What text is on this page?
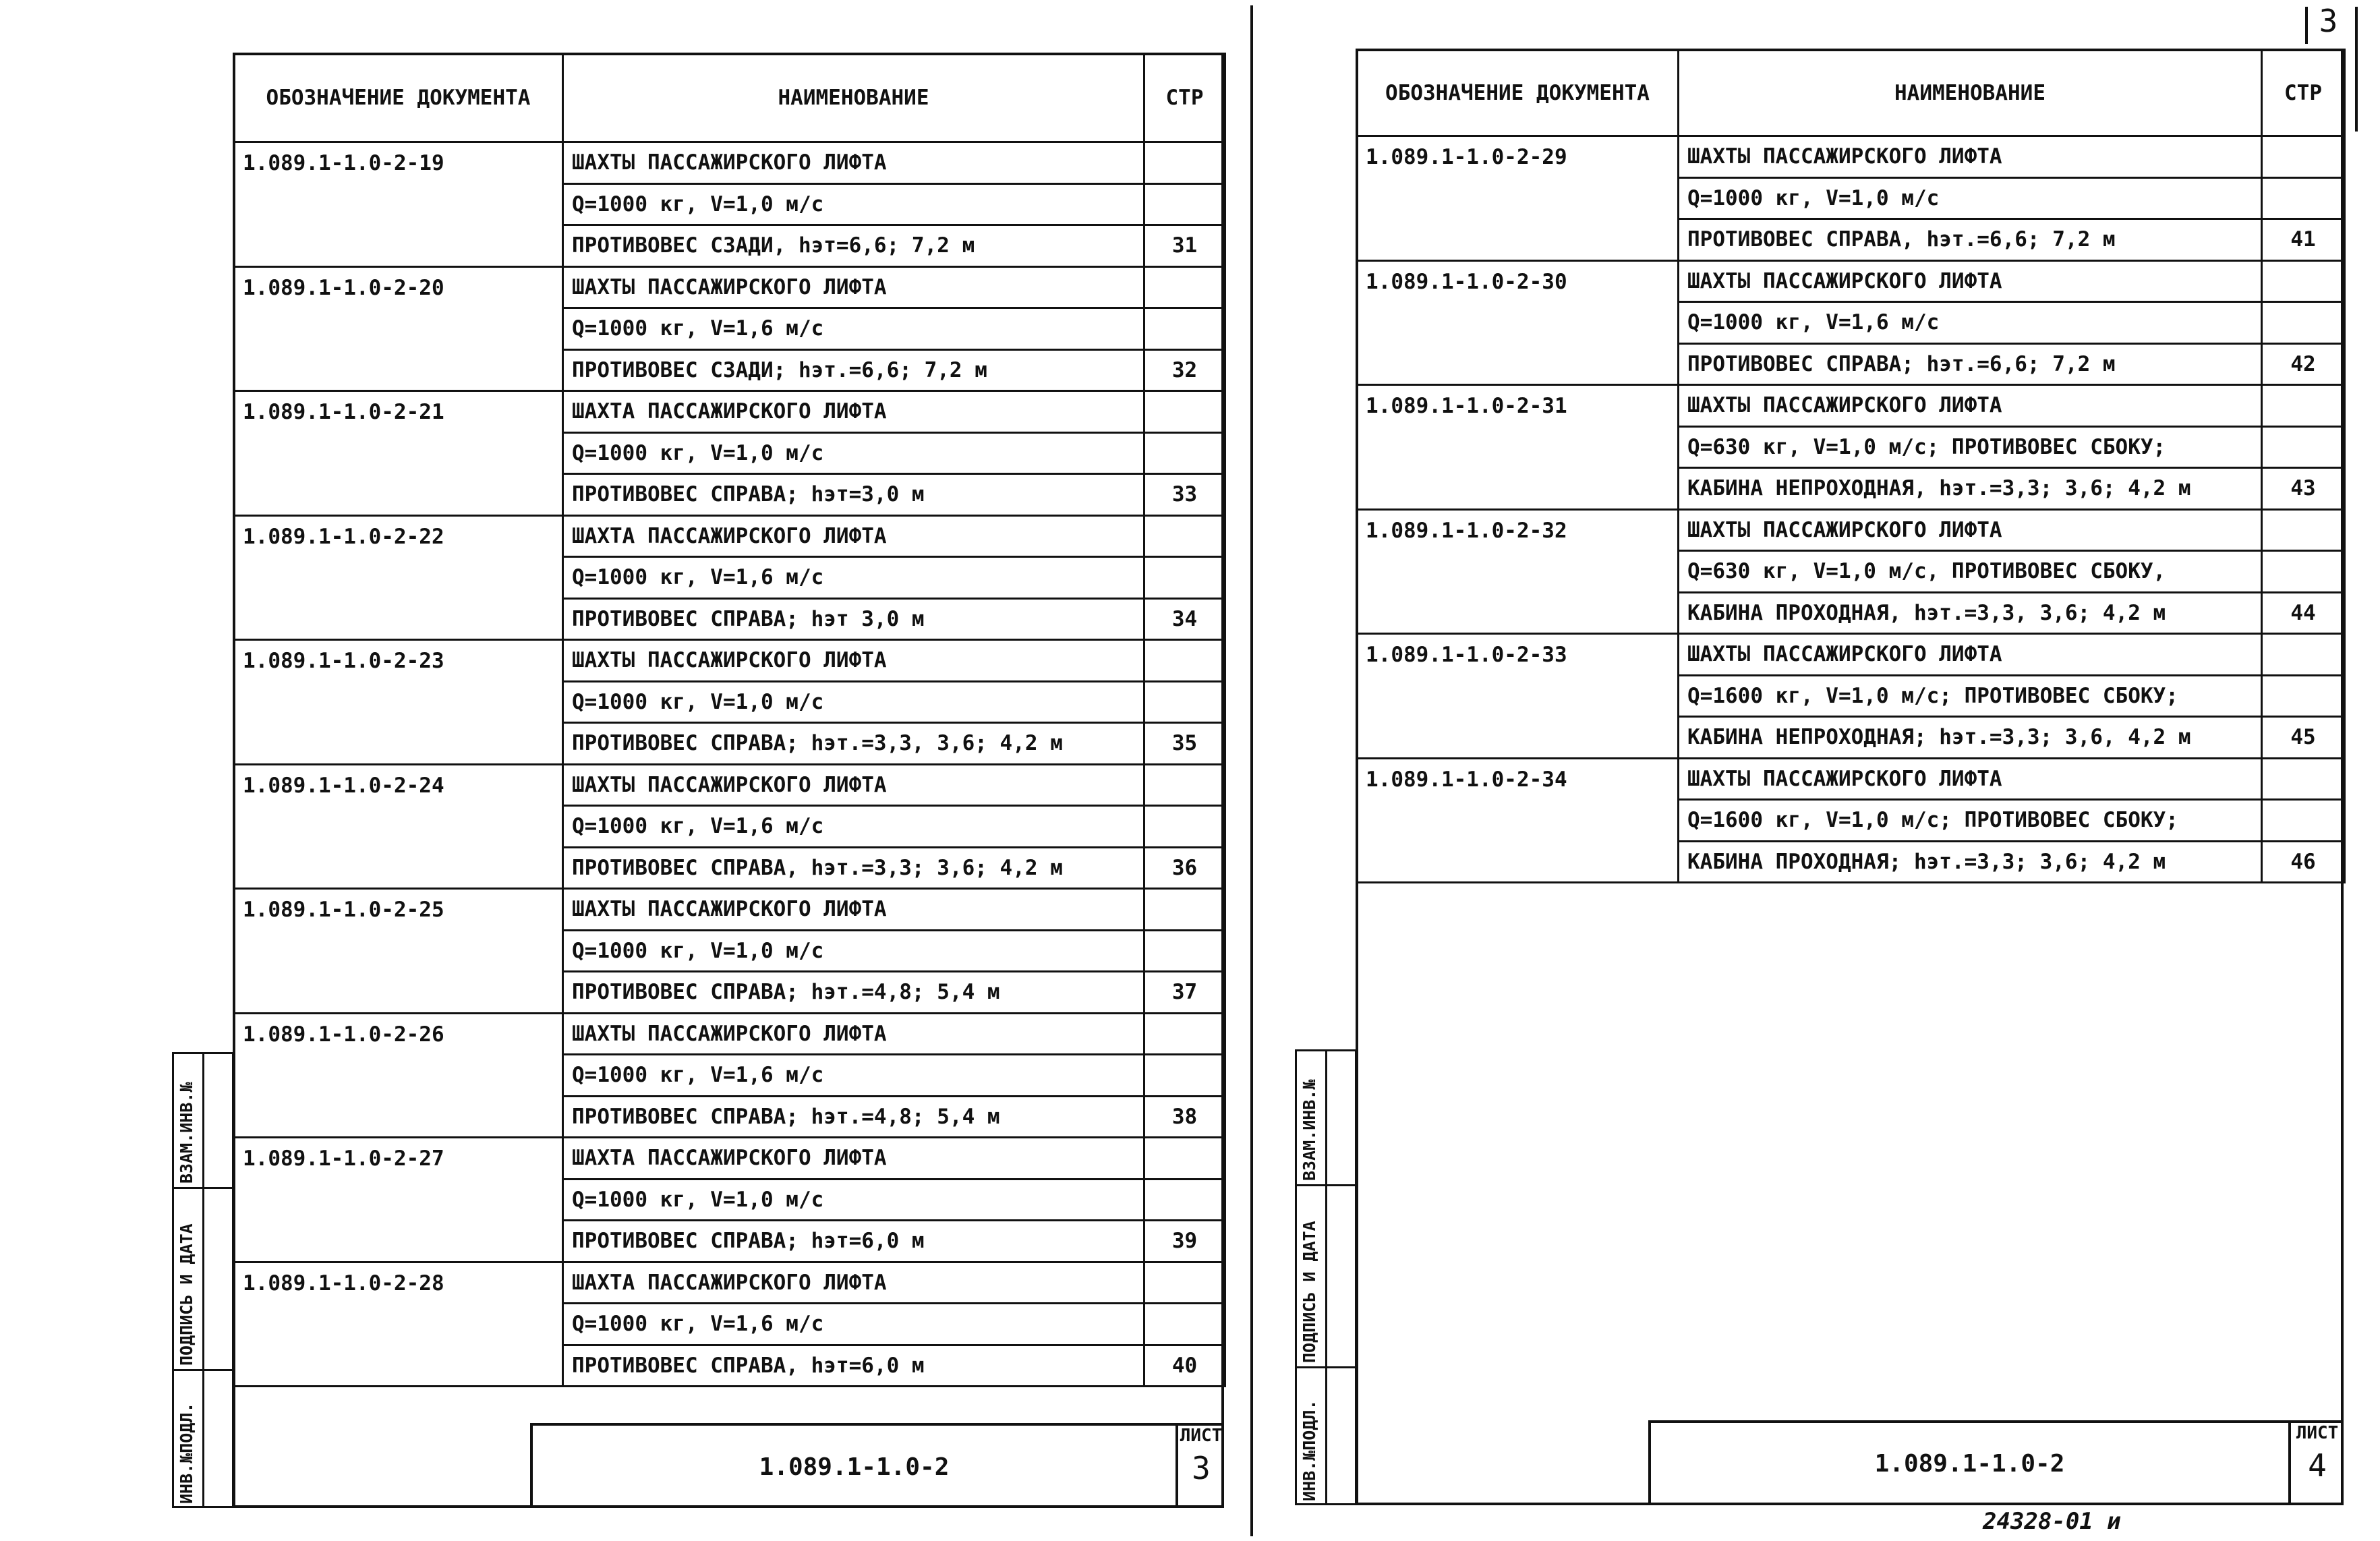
ОБОЗНАЧЕНИЕ ДОКУМЕНТА	НАИМЕНОВАНИЕ	СТР
1.089.1-1.0-2-19	ШАХТЫ ПАССАЖИРСКОГО ЛИФТА	
	Q=1000 кг, V=1,0 м/с	
	ПРОТИВОВЕС СЗАДИ, hэт=6,6; 7,2 м	31
1.089.1-1.0-2-20	ШАХТЫ ПАССАЖИРСКОГО ЛИФТА	
	Q=1000 кг, V=1,6 м/с	
	ПРОТИВОВЕС СЗАДИ; hэт.=6,6; 7,2 м	32
1.089.1-1.0-2-21	ШАХТА ПАССАЖИРСКОГО ЛИФТА	
	Q=1000 кг, V=1,0 м/с	
	ПРОТИВОВЕС СПРАВА; hэт=3,0 м	33
1.089.1-1.0-2-22	ШАХТА ПАССАЖИРСКОГО ЛИФТА	
	Q=1000 кг, V=1,6 м/с	
	ПРОТИВОВЕС СПРАВА; hэт 3,0 м	34
1.089.1-1.0-2-23	ШАХТЫ ПАССАЖИРСКОГО ЛИФТА	
	Q=1000 кг, V=1,0 м/с	
	ПРОТИВОВЕС СПРАВА; hэт.=3,3, 3,6; 4,2 м	35
1.089.1-1.0-2-24	ШАХТЫ ПАССАЖИРСКОГО ЛИФТА	
	Q=1000 кг, V=1,6 м/с	
	ПРОТИВОВЕС СПРАВА, hэт.=3,3; 3,6; 4,2 м	36
1.089.1-1.0-2-25	ШАХТЫ ПАССАЖИРСКОГО ЛИФТА	
	Q=1000 кг, V=1,0 м/с	
	ПРОТИВОВЕС СПРАВА; hэт.=4,8; 5,4 м	37
1.089.1-1.0-2-26	ШАХТЫ ПАССАЖИРСКОГО ЛИФТА	
	Q=1000 кг, V=1,6 м/с	
	ПРОТИВОВЕС СПРАВА; hэт.=4,8; 5,4 м	38
1.089.1-1.0-2-27	ШАХТА ПАССАЖИРСКОГО ЛИФТА	
	Q=1000 кг, V=1,0 м/с	
	ПРОТИВОВЕС СПРАВА; hэт=6,0 м	39
1.089.1-1.0-2-28	ШАХТА ПАССАЖИРСКОГО ЛИФТА	
	Q=1000 кг, V=1,6 м/с	
	ПРОТИВОВЕС СПРАВА, hэт=6,0 м	40
1.089.1-1.0-2
ЛИСТ
3
ВЗАМ.ИНВ.№
ПОДПИСЬ И ДАТА
ИНВ.№ПОДЛ.
ОБОЗНАЧЕНИЕ ДОКУМЕНТА	НАИМЕНОВАНИЕ	СТР
1.089.1-1.0-2-29	ШАХТЫ ПАССАЖИРСКОГО ЛИФТА	
	Q=1000 кг, V=1,0 м/с	
	ПРОТИВОВЕС СПРАВА, hэт.=6,6; 7,2 м	41
1.089.1-1.0-2-30	ШАХТЫ ПАССАЖИРСКОГО ЛИФТА	
	Q=1000 кг, V=1,6 м/с	
	ПРОТИВОВЕС СПРАВА; hэт.=6,6; 7,2 м	42
1.089.1-1.0-2-31	ШАХТЫ ПАССАЖИРСКОГО ЛИФТА	
	Q=630 кг, V=1,0 м/с; ПРОТИВОВЕС СБОКУ;	
	КАБИНА НЕПРОХОДНАЯ, hэт.=3,3; 3,6; 4,2 м	43
1.089.1-1.0-2-32	ШАХТЫ ПАССАЖИРСКОГО ЛИФТА	
	Q=630 кг, V=1,0 м/с, ПРОТИВОВЕС СБОКУ,	
	КАБИНА ПРОХОДНАЯ, hэт.=3,3, 3,6; 4,2 м	44
1.089.1-1.0-2-33	ШАХТЫ ПАССАЖИРСКОГО ЛИФТА	
	Q=1600 кг, V=1,0 м/с; ПРОТИВОВЕС СБОКУ;	
	КАБИНА НЕПРОХОДНАЯ; hэт.=3,3; 3,6, 4,2 м	45
1.089.1-1.0-2-34	ШАХТЫ ПАССАЖИРСКОГО ЛИФТА	
	Q=1600 кг, V=1,0 м/с; ПРОТИВОВЕС СБОКУ;	
	КАБИНА ПРОХОДНАЯ; hэт.=3,3; 3,6; 4,2 м	46
1.089.1-1.0-2
ЛИСТ
4
ВЗАМ.ИНВ.№
ПОДПИСЬ И ДАТА
ИНВ.№ПОДЛ.
3
24328-01 и
